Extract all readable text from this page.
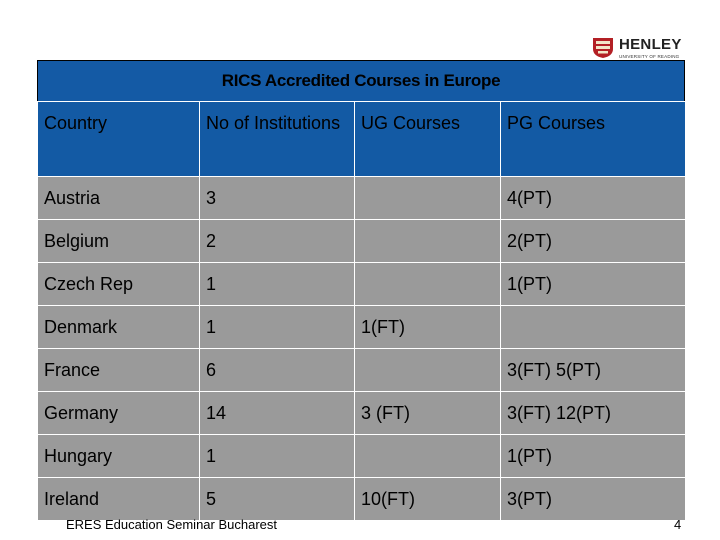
HENLEY
UNIVERSITY OF READING
RICS Accredited Courses in Europe
Country	No of Institutions	UG Courses	PG Courses
Austria	3		4(PT)
Belgium	2		2(PT)
Czech Rep	1		1(PT)
Denmark	1	1(FT)	
France	6		3(FT) 5(PT)
Germany	14	3 (FT)	3(FT) 12(PT)
Hungary	1		1(PT)
Ireland	5	10(FT)	3(PT)
ERES Education Seminar Bucharest	4
